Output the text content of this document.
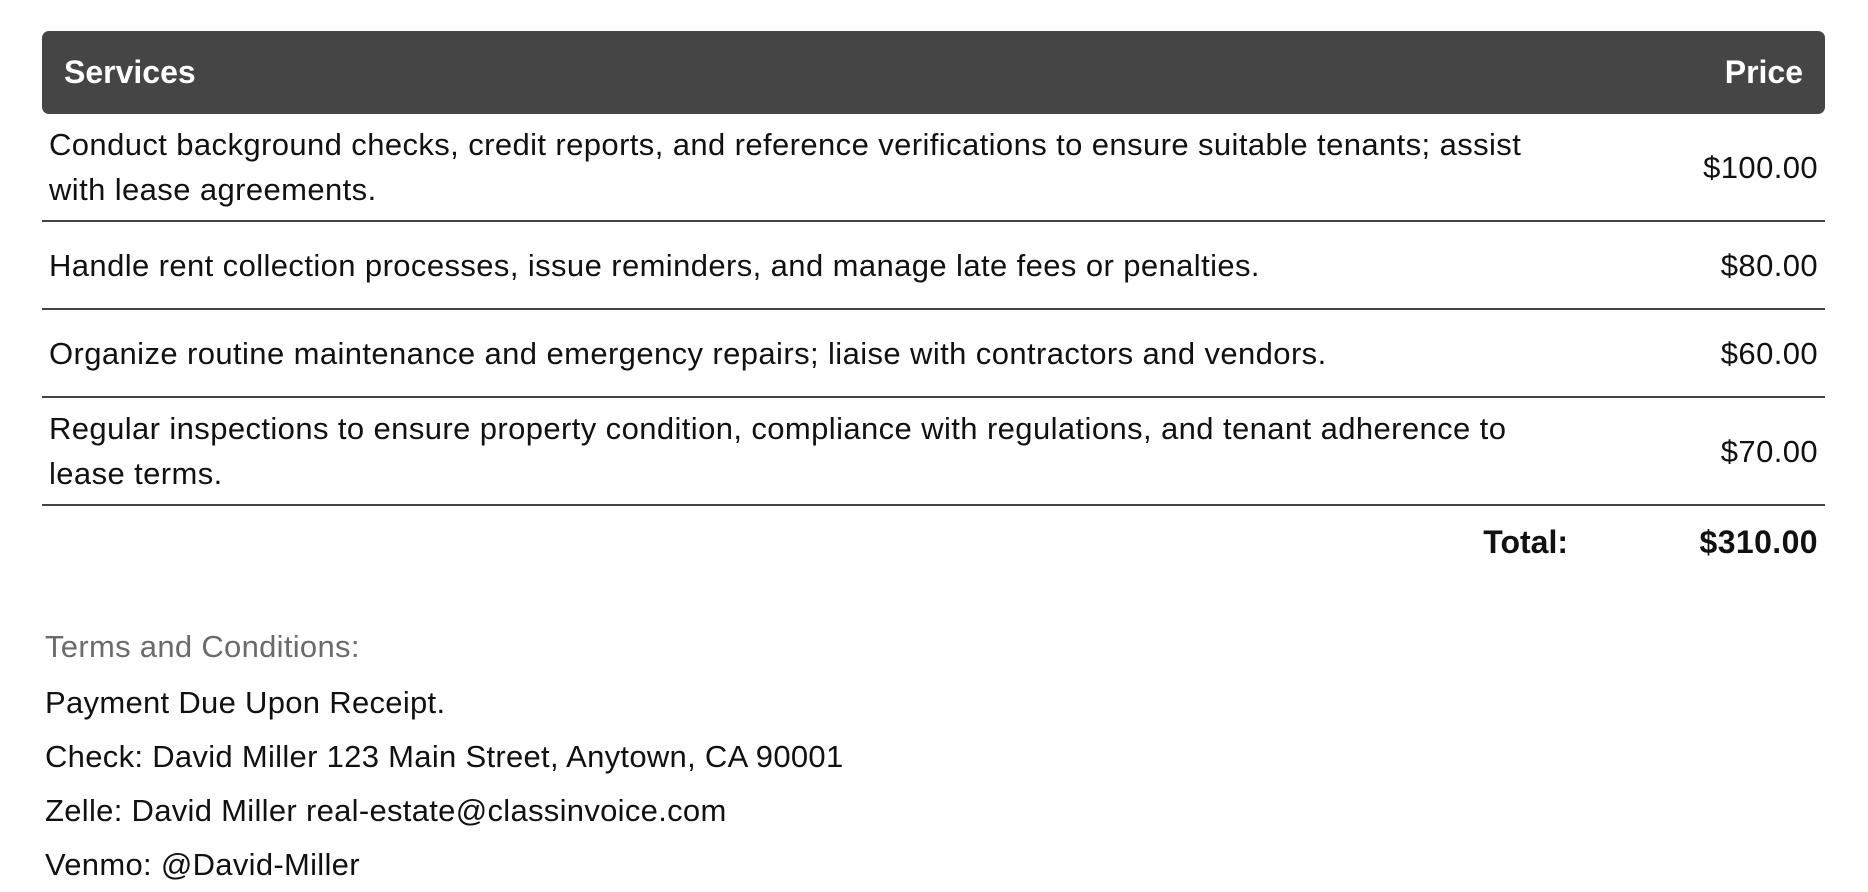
Services	Price
Conduct background checks, credit reports, and reference verifications to ensure suitable tenants; assist with lease agreements.	$100.00
Handle rent collection processes, issue reminders, and manage late fees or penalties.	$80.00
Organize routine maintenance and emergency repairs; liaise with contractors and vendors.	$60.00
Regular inspections to ensure property condition, compliance with regulations, and tenant adherence to lease terms.	$70.00
Total:	$310.00
Terms and Conditions:
Payment Due Upon Receipt.
Check: David Miller 123 Main Street, Anytown, CA 90001
Zelle: David Miller real-estate@classinvoice.com
Venmo: @David-Miller
